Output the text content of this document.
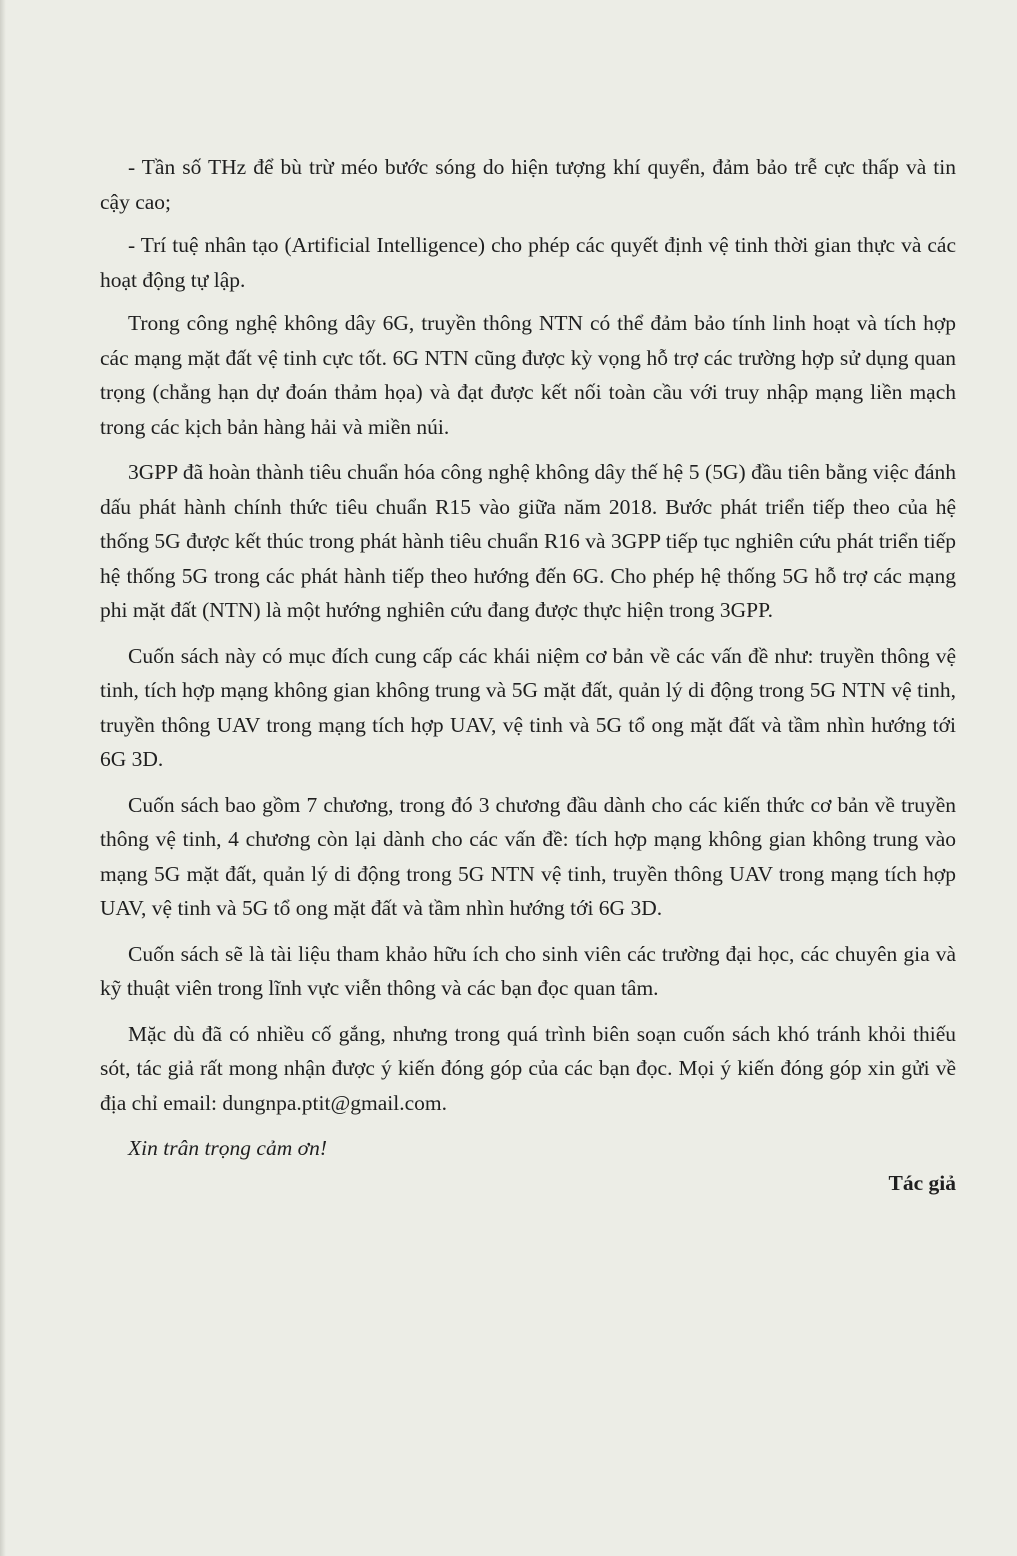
- Tần số THz để bù trừ méo bước sóng do hiện tượng khí quyển, đảm bảo trễ cực thấp và tin cậy cao;

- Trí tuệ nhân tạo (Artificial Intelligence) cho phép các quyết định vệ tinh thời gian thực và các hoạt động tự lập.

Trong công nghệ không dây 6G, truyền thông NTN có thể đảm bảo tính linh hoạt và tích hợp các mạng mặt đất vệ tinh cực tốt. 6G NTN cũng được kỳ vọng hỗ trợ các trường hợp sử dụng quan trọng (chẳng hạn dự đoán thảm họa) và đạt được kết nối toàn cầu với truy nhập mạng liền mạch trong các kịch bản hàng hải và miền núi.

3GPP đã hoàn thành tiêu chuẩn hóa công nghệ không dây thế hệ 5 (5G) đầu tiên bằng việc đánh dấu phát hành chính thức tiêu chuẩn R15 vào giữa năm 2018. Bước phát triển tiếp theo của hệ thống 5G được kết thúc trong phát hành tiêu chuẩn R16 và 3GPP tiếp tục nghiên cứu phát triển tiếp hệ thống 5G trong các phát hành tiếp theo hướng đến 6G. Cho phép hệ thống 5G hỗ trợ các mạng phi mặt đất (NTN) là một hướng nghiên cứu đang được thực hiện trong 3GPP.

Cuốn sách này có mục đích cung cấp các khái niệm cơ bản về các vấn đề như: truyền thông vệ tinh, tích hợp mạng không gian không trung và 5G mặt đất, quản lý di động trong 5G NTN vệ tinh, truyền thông UAV trong mạng tích hợp UAV, vệ tinh và 5G tổ ong mặt đất và tầm nhìn hướng tới 6G 3D.

Cuốn sách bao gồm 7 chương, trong đó 3 chương đầu dành cho các kiến thức cơ bản về truyền thông vệ tinh, 4 chương còn lại dành cho các vấn đề: tích hợp mạng không gian không trung vào mạng 5G mặt đất, quản lý di động trong 5G NTN vệ tinh, truyền thông UAV trong mạng tích hợp UAV, vệ tinh và 5G tổ ong mặt đất và tầm nhìn hướng tới 6G 3D.

Cuốn sách sẽ là tài liệu tham khảo hữu ích cho sinh viên các trường đại học, các chuyên gia và kỹ thuật viên trong lĩnh vực viễn thông và các bạn đọc quan tâm.

Mặc dù đã có nhiều cố gắng, nhưng trong quá trình biên soạn cuốn sách khó tránh khỏi thiếu sót, tác giả rất mong nhận được ý kiến đóng góp của các bạn đọc. Mọi ý kiến đóng góp xin gửi về địa chỉ email: dungnpa.ptit@gmail.com.

Xin trân trọng cảm ơn!

Tác giả
